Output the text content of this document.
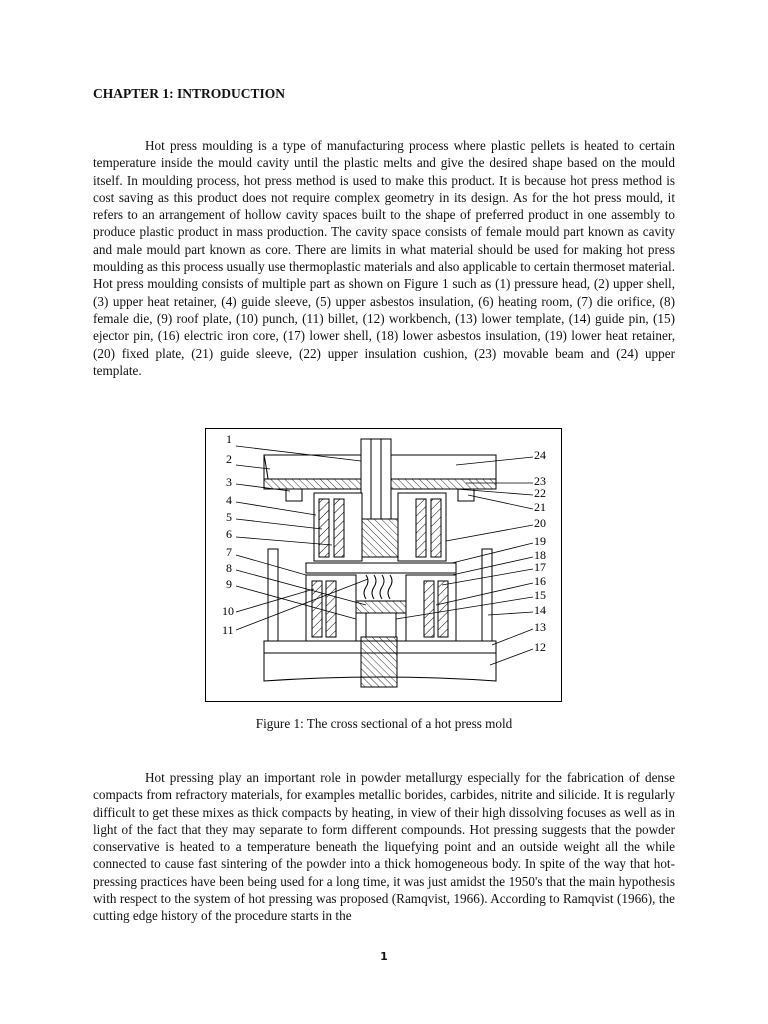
CHAPTER 1: INTRODUCTION

Hot press moulding is a type of manufacturing process where plastic pellets is heated to certain temperature inside the mould cavity until the plastic melts and give the desired shape based on the mould itself. In moulding process, hot press method is used to make this product. It is because hot press method is cost saving as this product does not require complex geometry in its design. As for the hot press mould, it refers to an arrangement of hollow cavity spaces built to the shape of preferred product in one assembly to produce plastic product in mass production. The cavity space consists of female mould part known as cavity and male mould part known as core. There are limits in what material should be used for making hot press moulding as this process usually use thermoplastic materials and also applicable to certain thermoset material. Hot press moulding consists of multiple part as shown on Figure 1 such as (1) pressure head, (2) upper shell, (3) upper heat retainer, (4) guide sleeve, (5) upper asbestos insulation, (6) heating room, (7) die orifice, (8) female die, (9) roof plate, (10) punch, (11) billet, (12) workbench, (13) lower template, (14) guide pin, (15) ejector pin, (16) electric iron core, (17) lower shell, (18) lower asbestos insulation, (19) lower heat retainer, (20) fixed plate, (21) guide sleeve, (22) upper insulation cushion, (23) movable beam and (24) upper template.

1
2
3
4
5
6
7
8
9
10
11
24
23
22
21
20
19
18
17
16
15
14
13
12
Figure 1: The cross sectional of a hot press mold

Hot pressing play an important role in powder metallurgy especially for the fabrication of dense compacts from refractory materials, for examples metallic borides, carbides, nitrite and silicide. It is regularly difficult to get these mixes as thick compacts by heating, in view of their high dissolving focuses as well as in light of the fact that they may separate to form different compounds. Hot pressing suggests that the powder conservative is heated to a temperature beneath the liquefying point and an outside weight all the while connected to cause fast sintering of the powder into a thick homogeneous body. In spite of the way that hot-pressing practices have been being used for a long time, it was just amidst the 1950's that the main hypothesis with respect to the system of hot pressing was proposed (Ramqvist, 1966). According to Ramqvist (1966), the cutting edge history of the procedure starts in the

1
